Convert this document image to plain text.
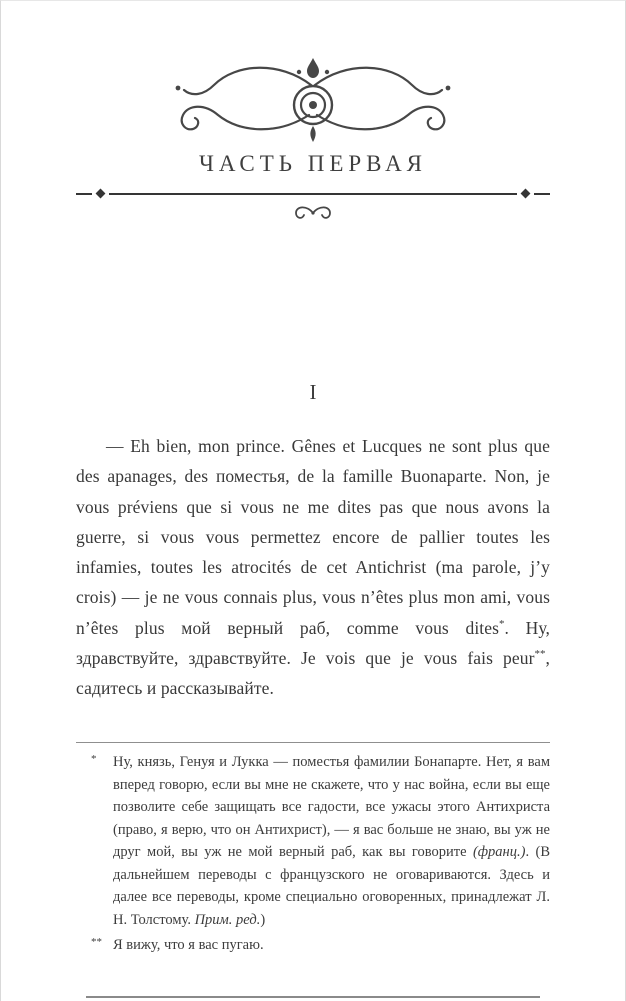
ЧАСТЬ ПЕРВАЯ
I

— Eh bien, mon prince. Gênes et Lucques ne sont plus que des apanages, des поместья, de la famille Buonaparte. Non, je vous préviens que si vous ne me dites pas que nous avons la guerre, si vous vous permettez encore de pallier toutes les infamies, toutes les atrocités de cet Antichrist (ma parole, j’y crois) — je ne vous connais plus, vous n’êtes plus mon ami, vous n’êtes plus мой верный раб, comme vous dites*. Ну, здравствуйте, здравствуйте. Je vois que je vous fais peur**, садитесь и рассказывайте.

* Ну, князь, Генуя и Лукка — поместья фамилии Бонапарте. Нет, я вам вперед говорю, если вы мне не скажете, что у нас война, если вы еще позволите себе защищать все гадости, все ужасы этого Антихриста (право, я верю, что он Антихрист), — я вас больше не знаю, вы уж не друг мой, вы уж не мой верный раб, как вы говорите (франц.). (В дальнейшем переводы с французского не оговариваются. Здесь и далее все переводы, кроме специально оговоренных, принадлежат Л. Н. Толстому. Прим. ред.)
** Я вижу, что я вас пугаю.
